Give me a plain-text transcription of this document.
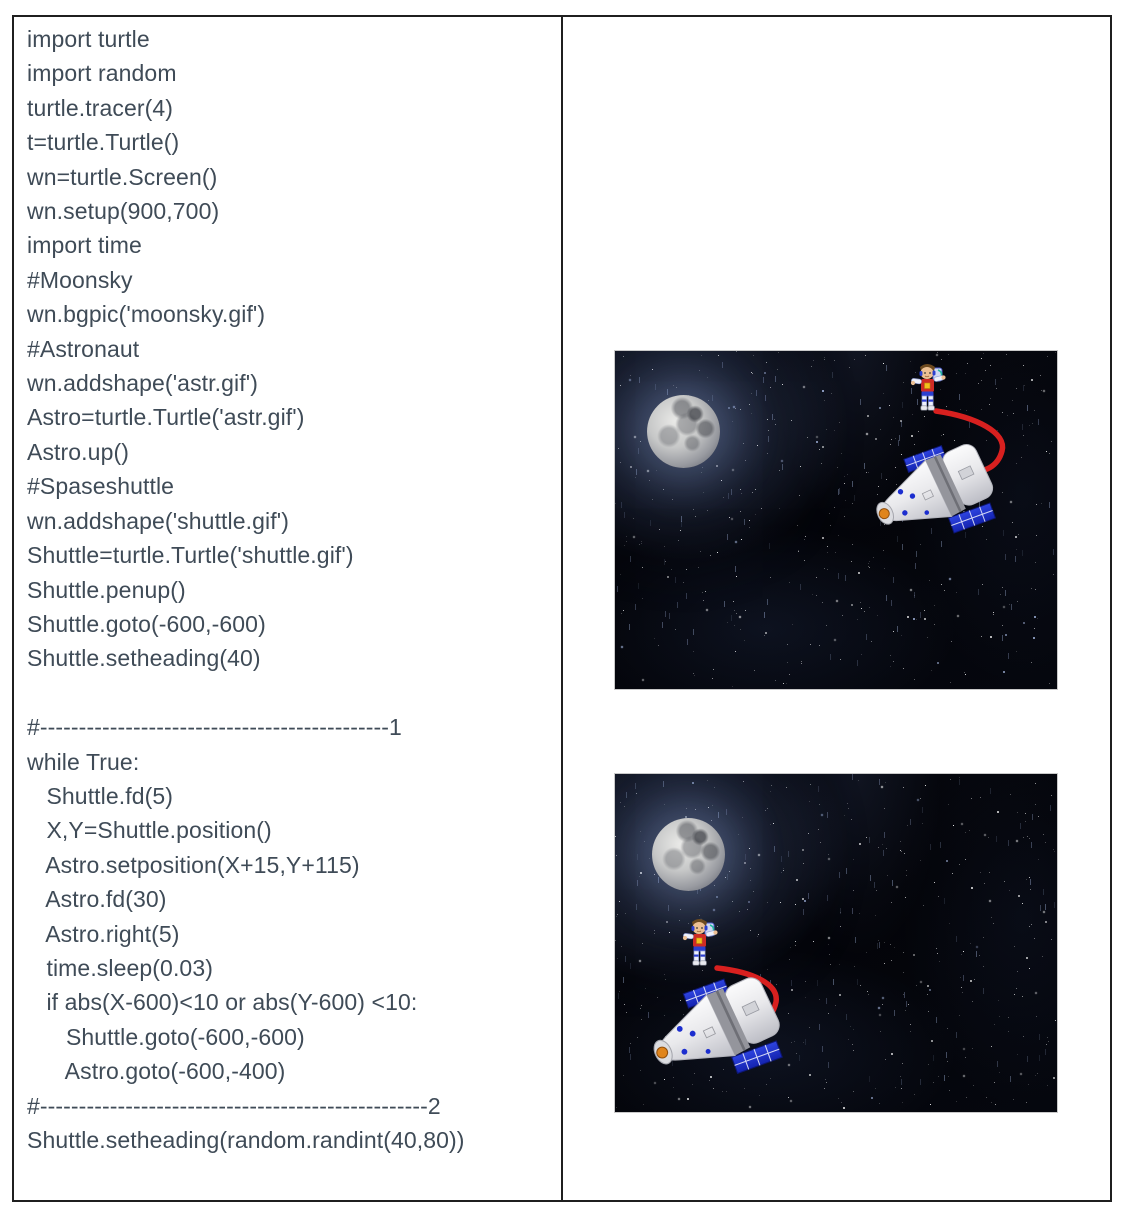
import turtle
import random
turtle.tracer(4)
t=turtle.Turtle()
wn=turtle.Screen()
wn.setup(900,700)
import time
#Moonsky
wn.bgpic('moonsky.gif')
#Astronaut
wn.addshape('astr.gif')
Astro=turtle.Turtle('astr.gif')
Astro.up()
#Spaseshuttle
wn.addshape('shuttle.gif')
Shuttle=turtle.Turtle('shuttle.gif')
Shuttle.penup()
Shuttle.goto(-600,-600)
Shuttle.setheading(40)

#---------------------------------------------1
while True:
Shuttle.fd(5)
X,Y=Shuttle.position()
Astro.setposition(X+15,Y+115)
Astro.fd(30)
Astro.right(5)
time.sleep(0.03)
if abs(X-600)<10 or abs(Y-600) <10:
Shuttle.goto(-600,-600)
Astro.goto(-600,-400)
#--------------------------------------------------2
Shuttle.setheading(random.randint(40,80))
